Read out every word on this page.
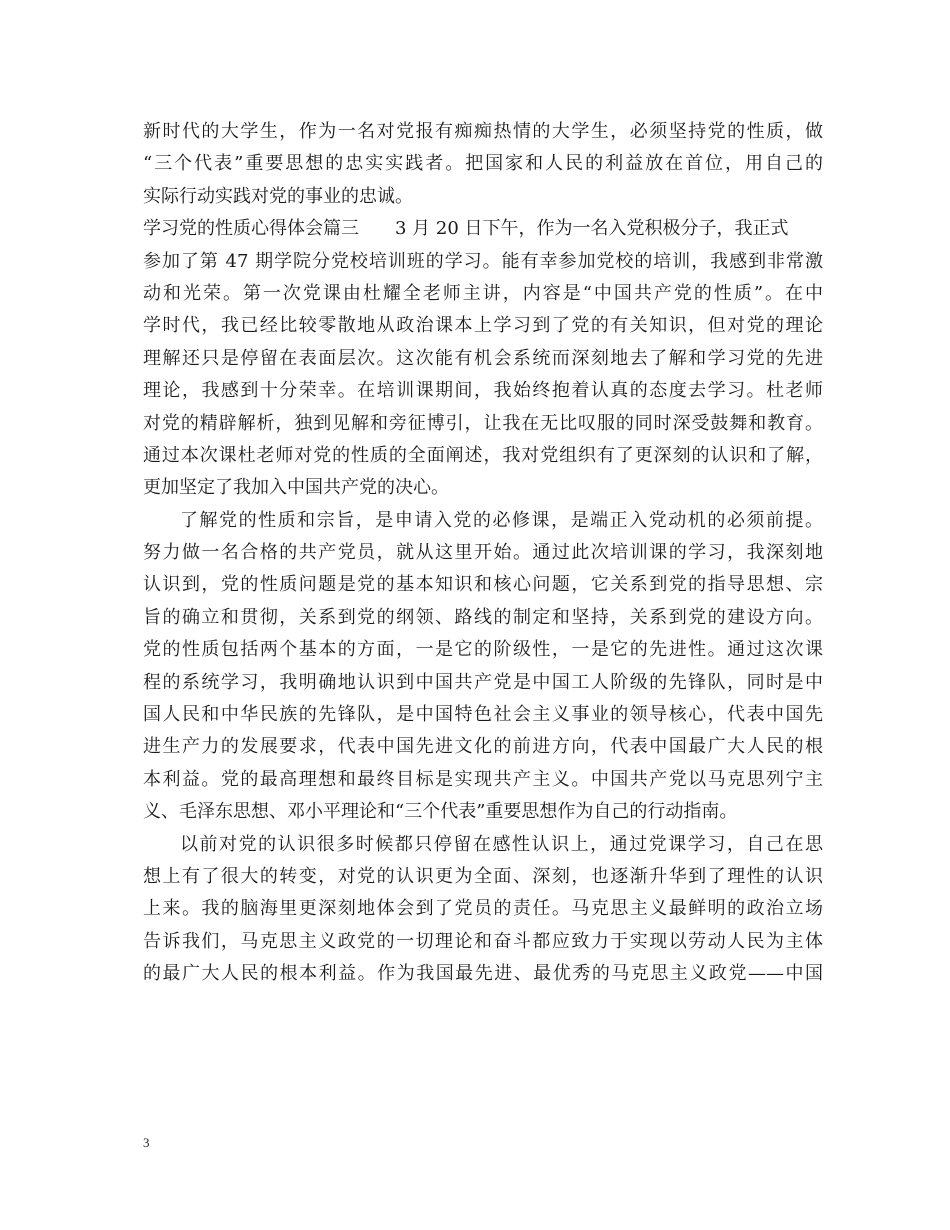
新时代的大学生，作为一名对党报有痴痴热情的大学生，必须坚持党的性质，做
“三个代表”重要思想的忠实实践者。把国家和人民的利益放在首位，用自己的
实际行动实践对党的事业的忠诚。
学习党的性质心得体会篇三 3 月 20 日下午，作为一名入党积极分子，我正式
参加了第 47 期学院分党校培训班的学习。能有幸参加党校的培训，我感到非常激
动和光荣。第一次党课由杜耀全老师主讲，内容是“中国共产党的性质”。在中
学时代，我已经比较零散地从政治课本上学习到了党的有关知识，但对党的理论
理解还只是停留在表面层次。这次能有机会系统而深刻地去了解和学习党的先进
理论，我感到十分荣幸。在培训课期间，我始终抱着认真的态度去学习。杜老师
对党的精辟解析，独到见解和旁征博引，让我在无比叹服的同时深受鼓舞和教育。
通过本次课杜老师对党的性质的全面阐述，我对党组织有了更深刻的认识和了解，
更加坚定了我加入中国共产党的决心。
了解党的性质和宗旨，是申请入党的必修课，是端正入党动机的必须前提。
努力做一名合格的共产党员，就从这里开始。通过此次培训课的学习，我深刻地
认识到，党的性质问题是党的基本知识和核心问题，它关系到党的指导思想、宗
旨的确立和贯彻，关系到党的纲领、路线的制定和坚持，关系到党的建设方向。
党的性质包括两个基本的方面，一是它的阶级性，一是它的先进性。通过这次课
程的系统学习，我明确地认识到中国共产党是中国工人阶级的先锋队，同时是中
国人民和中华民族的先锋队，是中国特色社会主义事业的领导核心，代表中国先
进生产力的发展要求，代表中国先进文化的前进方向，代表中国最广大人民的根
本利益。党的最高理想和最终目标是实现共产主义。中国共产党以马克思列宁主
义、毛泽东思想、邓小平理论和“三个代表”重要思想作为自己的行动指南。
以前对党的认识很多时候都只停留在感性认识上，通过党课学习，自己在思
想上有了很大的转变，对党的认识更为全面、深刻，也逐渐升华到了理性的认识
上来。我的脑海里更深刻地体会到了党员的责任。马克思主义最鲜明的政治立场
告诉我们，马克思主义政党的一切理论和奋斗都应致力于实现以劳动人民为主体
的最广大人民的根本利益。作为我国最先进、最优秀的马克思主义政党——中国
3
